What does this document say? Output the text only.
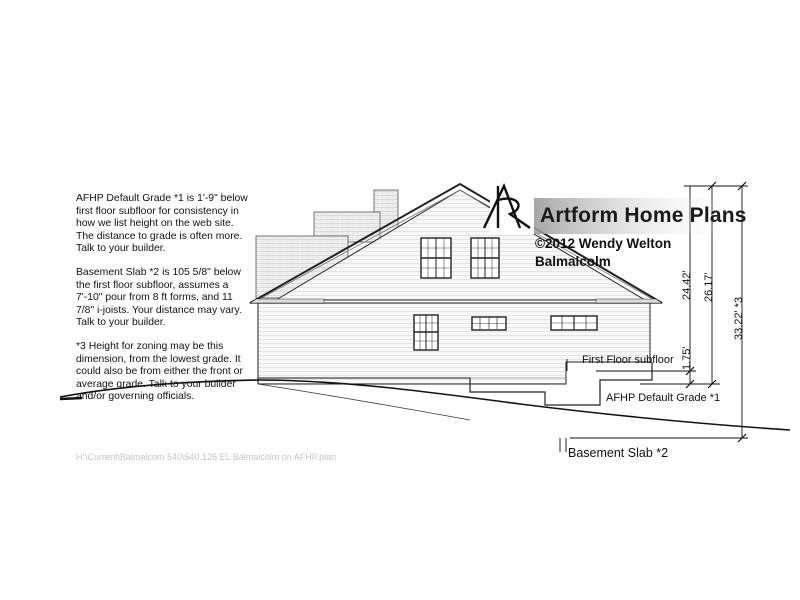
AFHP Default Grade *1 is 1'-9" below first floor subfloor for consistency in how we list height on the web site. The distance to grade is often more. Talk to your builder.

Basement Slab *2 is 105 5/8" below the first floor subfloor, assumes a 7'-10" pour from 8 ft forms, and 11 7/8" i-joists. Your distance may vary. Talk to your builder.

*3 Height for zoning may be this dimension, from the lowest grade. It could also be from either the front or average grade. Talk to your builder and/or governing officials.

H:\Current\Balmalcom 540\540.126 EL Balmalcolm on AFHP.plan
Artform Home Plans
©2012 Wendy Welton
Balmalcolm
First Floor subfloor
AFHP Default Grade *1
Basement Slab *2
1.75'
24.42' 26.17'
33.22' *3
